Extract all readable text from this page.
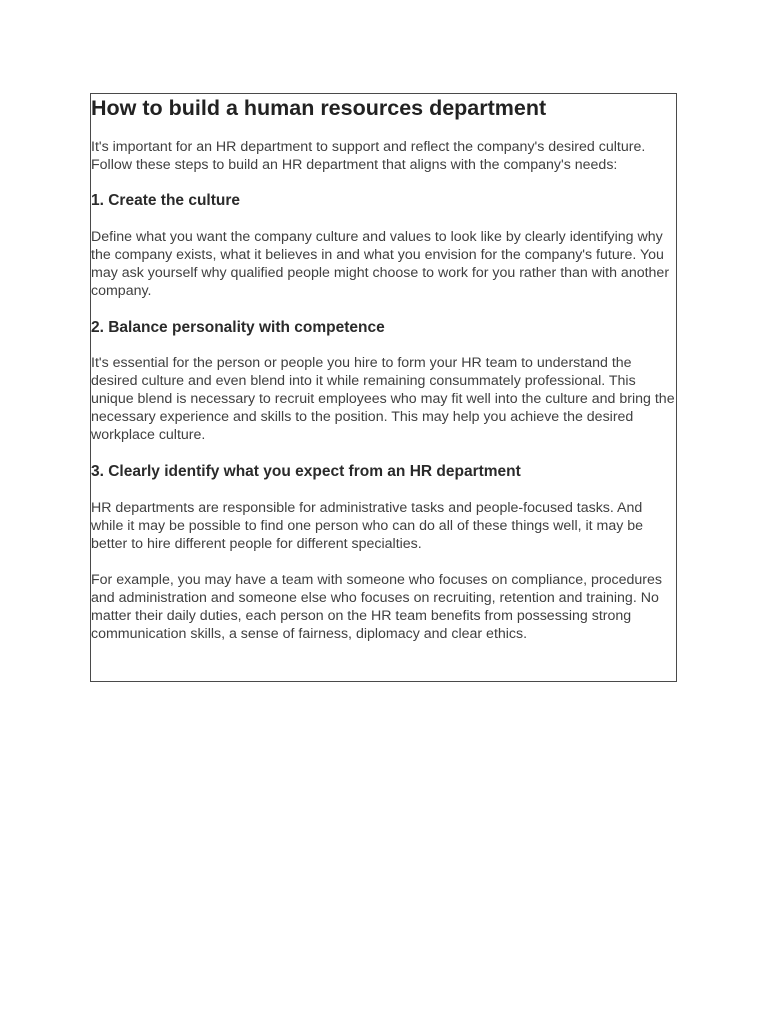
How to build a human resources department

It's important for an HR department to support and reflect the company's desired culture. Follow these steps to build an HR department that aligns with the company's needs:

1. Create the culture

Define what you want the company culture and values to look like by clearly identifying why the company exists, what it believes in and what you envision for the company's future. You may ask yourself why qualified people might choose to work for you rather than with another company.

2. Balance personality with competence

It's essential for the person or people you hire to form your HR team to understand the desired culture and even blend into it while remaining consummately professional. This unique blend is necessary to recruit employees who may fit well into the culture and bring the necessary experience and skills to the position. This may help you achieve the desired workplace culture.

3. Clearly identify what you expect from an HR department

HR departments are responsible for administrative tasks and people-focused tasks. And while it may be possible to find one person who can do all of these things well, it may be better to hire different people for different specialties.

For example, you may have a team with someone who focuses on compliance, procedures and administration and someone else who focuses on recruiting, retention and training. No matter their daily duties, each person on the HR team benefits from possessing strong communication skills, a sense of fairness, diplomacy and clear ethics.
